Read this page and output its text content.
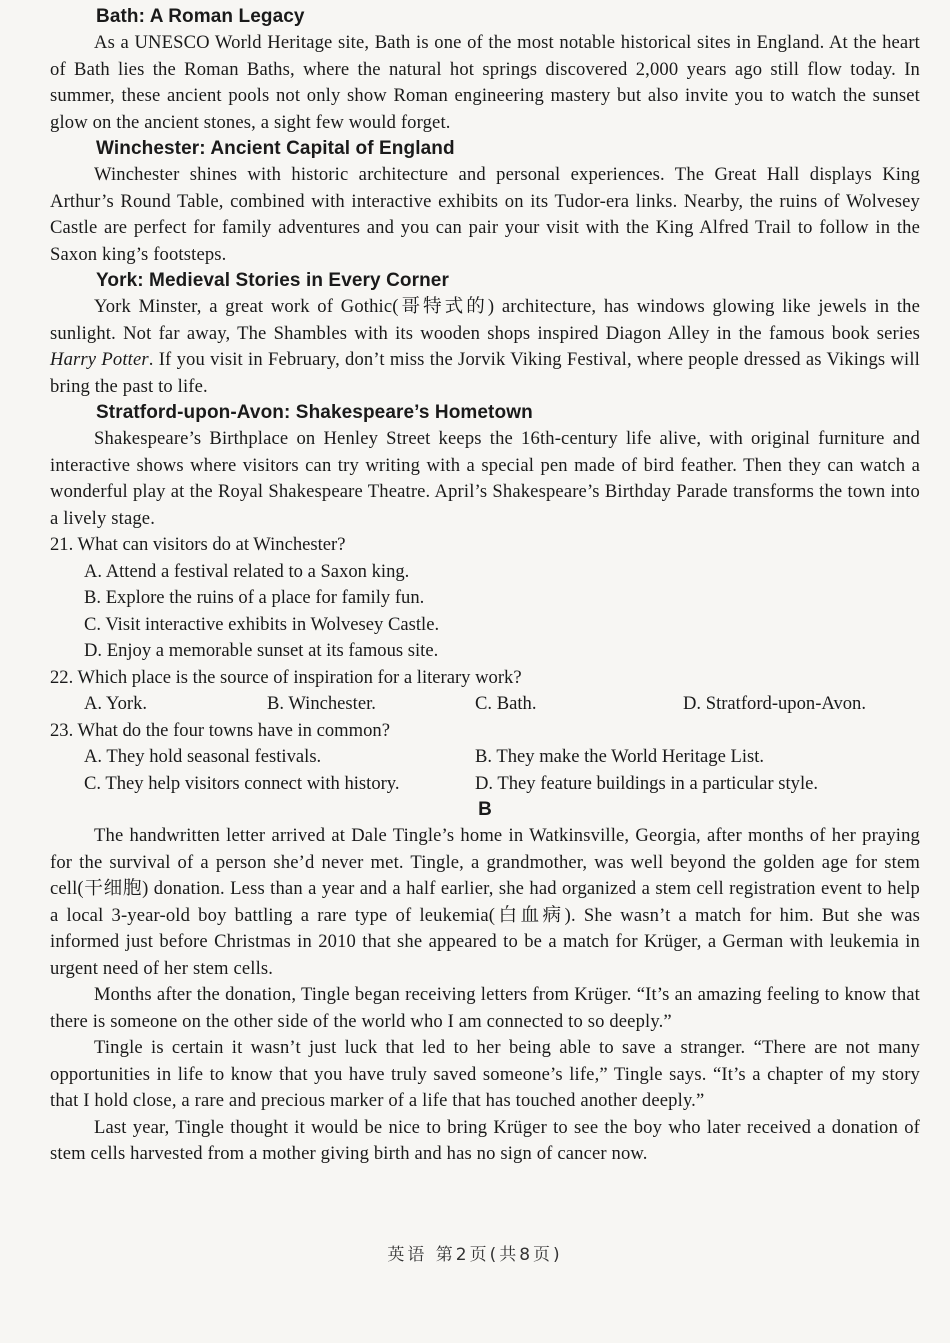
Bath: A Roman Legacy

As a UNESCO World Heritage site, Bath is one of the most notable historical sites in England. At the heart of Bath lies the Roman Baths, where the natural hot springs discovered 2,000 years ago still flow today. In summer, these ancient pools not only show Roman engineering mastery but also invite you to watch the sunset glow on the ancient stones, a sight few would forget.

Winchester: Ancient Capital of England

Winchester shines with historic architecture and personal experiences. The Great Hall displays King Arthur’s Round Table, combined with interactive exhibits on its Tudor-era links. Nearby, the ruins of Wolvesey Castle are perfect for family adventures and you can pair your visit with the King Alfred Trail to follow in the Saxon king’s footsteps.

York: Medieval Stories in Every Corner

York Minster, a great work of Gothic(哥特式的) architecture, has windows glowing like jewels in the sunlight. Not far away, The Shambles with its wooden shops inspired Diagon Alley in the famous book series Harry Potter. If you visit in February, don’t miss the Jorvik Viking Festival, where people dressed as Vikings will bring the past to life.

Stratford-upon-Avon: Shakespeare’s Hometown

Shakespeare’s Birthplace on Henley Street keeps the 16th-century life alive, with original furniture and interactive shows where visitors can try writing with a special pen made of bird feather. Then they can watch a wonderful play at the Royal Shakespeare Theatre. April’s Shakespeare’s Birthday Parade transforms the town into a lively stage.

21. What can visitors do at Winchester?

A. Attend a festival related to a Saxon king.

B. Explore the ruins of a place for family fun.

C. Visit interactive exhibits in Wolvesey Castle.

D. Enjoy a memorable sunset at its famous site.

22. Which place is the source of inspiration for a literary work?

A. York.	B. Winchester.	C. Bath.	D. Stratford-upon-Avon.

23. What do the four towns have in common?

A. They hold seasonal festivals.	B. They make the World Heritage List.
C. They help visitors connect with history.	D. They feature buildings in a particular style.
B

The handwritten letter arrived at Dale Tingle’s home in Watkinsville, Georgia, after months of her praying for the survival of a person she’d never met. Tingle, a grandmother, was well beyond the golden age for stem cell(干细胞) donation. Less than a year and a half earlier, she had organized a stem cell registration event to help a local 3-year-old boy battling a rare type of leukemia(白血病). She wasn’t a match for him. But she was informed just before Christmas in 2010 that she appeared to be a match for Krüger, a German with leukemia in urgent need of her stem cells.

Months after the donation, Tingle began receiving letters from Krüger. “It’s an amazing feeling to know that there is someone on the other side of the world who I am connected to so deeply.”

Tingle is certain it wasn’t just luck that led to her being able to save a stranger. “There are not many opportunities in life to know that you have truly saved someone’s life,” Tingle says. “It’s a chapter of my story that I hold close, a rare and precious marker of a life that has touched another deeply.”

Last year, Tingle thought it would be nice to bring Krüger to see the boy who later received a donation of stem cells harvested from a mother giving birth and has no sign of cancer now.

英语 第2页(共8页)
